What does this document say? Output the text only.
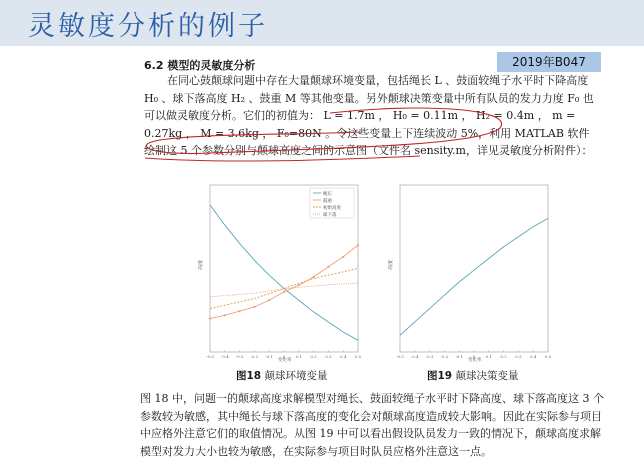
灵敏度分析的例子
2019年B047
6.2 模型的灵敏度分析

在同心鼓颠球问题中存在大量颠球环境变量，包括绳长 L 、鼓面较绳子水平时下降高度 H₀ 、球下落高度 H₂ 、鼓重 M 等其他变量。另外颠球决策变量中所有队员的发力力度 F₀ 也可以做灵敏度分析。它们的初值为： L = 1.7m ， H₀ = 0.11m ， H₂ = 0.4m ， m = 0.27kg ， M = 3.6kg ， F₀=80N 。令这些变量上下连续波动 5%，利用 MATLAB 软件绘制这 5 个参数分别与颠球高度之间的示意图（文件名 sensity.m，详见灵敏度分析附件）：

-0.5 -0.4 -0.3 -0.2 -0.1 0	0.1 0.2 0.3 0.4 0.5
绳长
鼓重
初始高度
球下落
高度
变化率
-0.5 -0.4 -0.3 -0.2 -0.1 0	0.1 0.2 0.3 0.4 0.5
高度
变化率
图18 颠球环境变量	图19 颠球决策变量

图 18 中，问题一的颠球高度求解模型对绳长、鼓面较绳子水平时下降高度、球下落高度这 3 个参数较为敏感，其中绳长与球下落高度的变化会对颠球高度造成较大影响。因此在实际参与项目中应格外注意它们的取值情况。从图 19 中可以看出假设队员发力一致的情况下，颠球高度求解模型对发力大小也较为敏感，在实际参与项目时队员应格外注意这一点。
